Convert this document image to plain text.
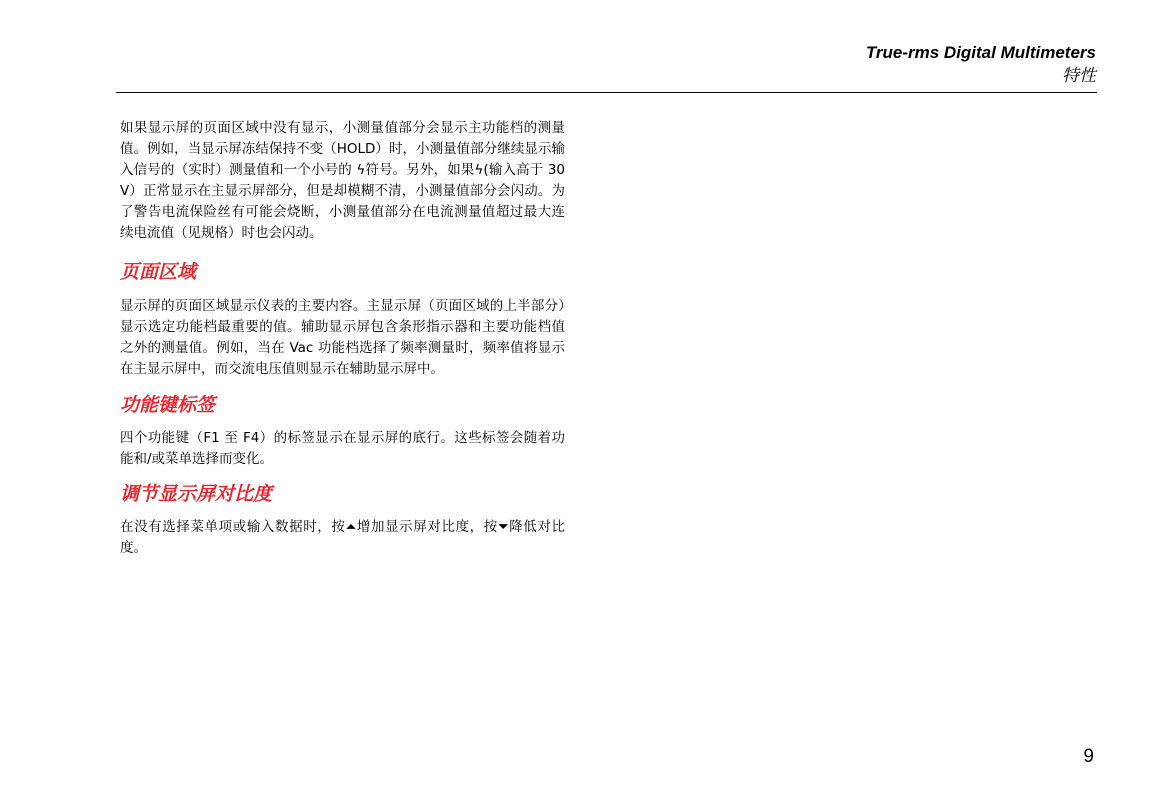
True-rms Digital Multimeters
特性

如果显示屏的页面区域中没有显示，小测量值部分会显示主功能档的测量值。例如，当显示屏冻结保持不变（HOLD）时，小测量值部分继续显示输入信号的（实时）测量值和一个小号的 ϟ符号。另外，如果ϟ(输入高于 30 V）正常显示在主显示屏部分，但是却模糊不清，小测量值部分会闪动。为了警告电流保险丝有可能会烧断，小测量值部分在电流测量值超过最大连续电流值（见规格）时也会闪动。

页面区域

显示屏的页面区域显示仪表的主要内容。主显示屏（页面区域的上半部分）显示选定功能档最重要的值。辅助显示屏包含条形指示器和主要功能档值之外的测量值。例如，当在 Vac 功能档选择了频率测量时，频率值将显示在主显示屏中，而交流电压值则显示在辅助显示屏中。

功能键标签

四个功能键（F1 至 F4）的标签显示在显示屏的底行。这些标签会随着功能和/或菜单选择而变化。

调节显示屏对比度

在没有选择菜单项或输入数据时，按⏶增加显示屏对比度，按⏷降低对比度。

9
